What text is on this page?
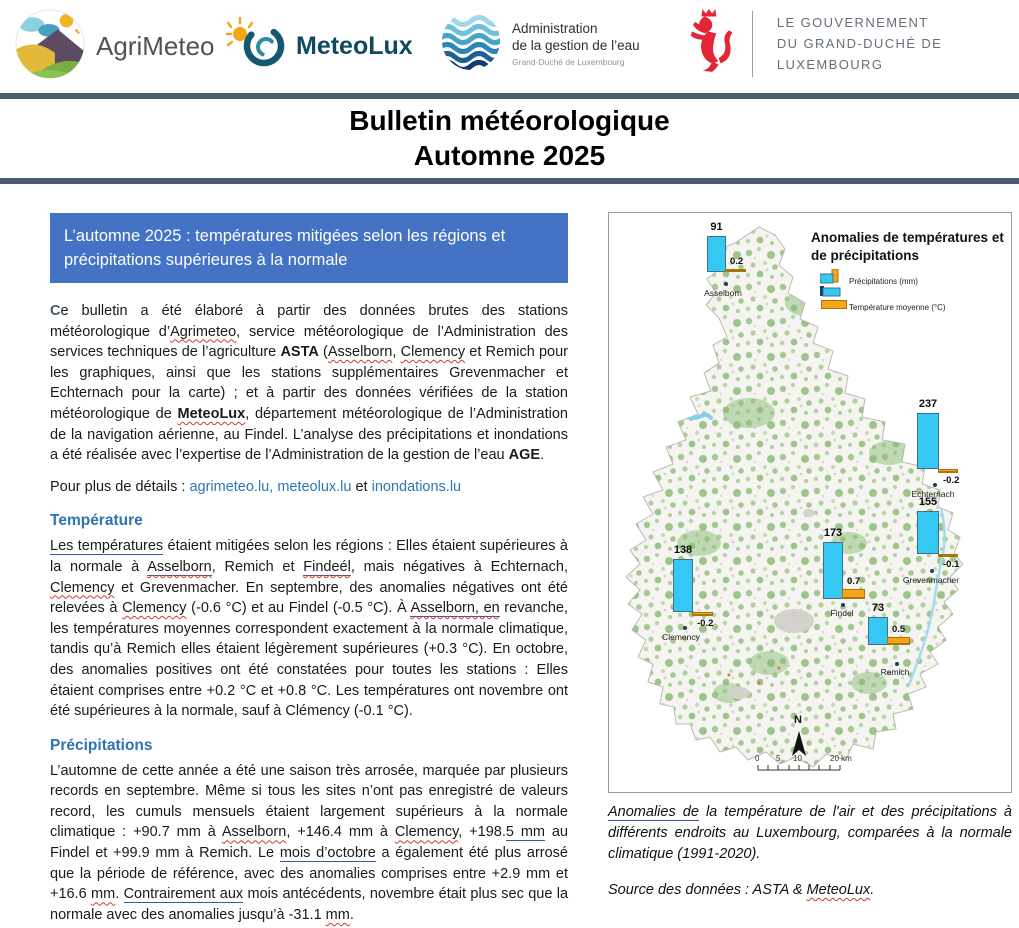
AgriMeteo	MeteoLux
Administration
de la gestion de l’eau
Grand-Duché de Luxembourg
LE GOUVERNEMENT
DU GRAND-DUCHÉ DE LUXEMBOURG
Bulletin météorologique
Automne 2025
L’automne 2025 : températures mitigées selon les régions et précipitations supérieures à la normale

Ce bulletin a été élaboré à partir des données brutes des stations météorologique d’Agrimeteo, service météorologique de l’Administration des services techniques de l’agriculture ASTA (Asselborn, Clemency et Remich pour les graphiques, ainsi que les stations supplémentaires Grevenmacher et Echternach pour la carte) ; et à partir des données vérifiées de la station météorologique de MeteoLux, département météorologique de l’Administration de la navigation aérienne, au Findel. L’analyse des précipitations et inondations a été réalisée avec l’expertise de l’Administration de la gestion de l’eau AGE.

Pour plus de détails : agrimeteo.lu, meteolux.lu et inondations.lu

Température

Les températures étaient mitigées selon les régions : Elles étaient supérieures à la normale à Asselborn, Remich et Findeél, mais négatives à Echternach, Clemency et Grevenmacher. En septembre, des anomalies négatives ont été relevées à Clemency (-0.6 °C) et au Findel (-0.5 °C). À Asselborn, en revanche, les températures moyennes correspondent exactement à la normale climatique, tandis qu’à Remich elles étaient légèrement supérieures (+0.3 °C). En octobre, des anomalies positives ont été constatées pour toutes les stations : Elles étaient comprises entre +0.2 °C et +0.8 °C. Les températures ont novembre ont été supérieures à la normale, sauf à Clémency (-0.1 °C).

Précipitations

L’automne de cette année a été une saison très arrosée, marquée par plusieurs records en septembre. Même si tous les sites n’ont pas enregistré de valeurs record, les cumuls mensuels étaient largement supérieurs à la normale climatique : +90.7 mm à Asselborn, +146.4 mm à Clemency, +198.5 mm au Findel et +99.9 mm à Remich. Le mois d’octobre a également été plus arrosé que la période de référence, avec des anomalies comprises entre +2.9 mm et +16.6 mm. Contrairement aux mois antécédents, novembre était plus sec que la normale avec des anomalies jusqu’à -31.1 mm.

Anomalies de températures et
de précipitations
Précipitations (mm)
Température moyenne (°C)
N
0 5 10	20 km
91
0.2
Asselborn
237
-0.2
Echternach
155
-0.1
Grevenmacher
138
-0.2
Clemency
173
0.7
Findel 73
0.5
Remich

Anomalies de la température de l'air et des précipitations à différents endroits au Luxembourg, comparées à la normale climatique (1991-2020).

Source des données : ASTA & MeteoLux.
